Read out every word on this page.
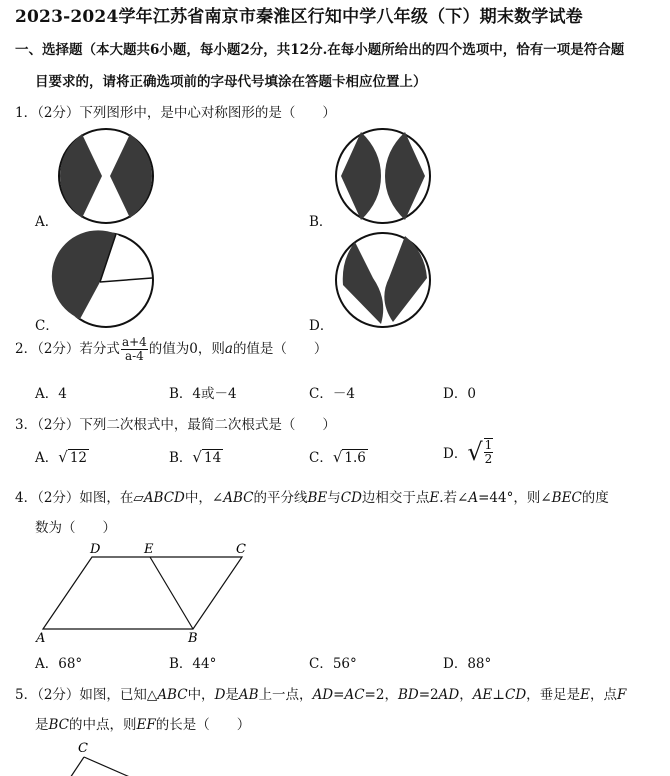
2023-2024学年江苏省南京市秦淮区行知中学八年级（下）期末数学试卷
一、选择题（本大题共6小题，每小题2分，共12分.在每小题所给出的四个选项中，恰有一项是符合题
目要求的，请将正确选项前的字母代号填涂在答题卡相应位置上）
1．（2分）下列图形中，是中心对称图形的是（　　）
A．	B．
C．	D．
2．（2分）若分式 $\frac{a+4}{a-4}$ 的值为0，则a的值是（　　）
A．4	B．4或－4	C．－4	D．0
3．（2分）下列二次根式中，最简二次根式是（　　）
A．√ 12	B．√ 14	C．√ 1.6	D．√ $\frac{1}{2}$
4．（2分）如图，在▱ABCD中，∠ABC的平分线BE与CD边相交于点E.若∠A=44°，则∠BEC的度
数为（　　）
D	E	C
A	B
A．68°	B．44°	C．56°	D．88°
5．（2分）如图，已知△ABC中，D是AB上一点，AD=AC=2，BD=2AD，AE⊥CD，垂足是E，点F
是BC的中点，则EF的长是（　　）
C
